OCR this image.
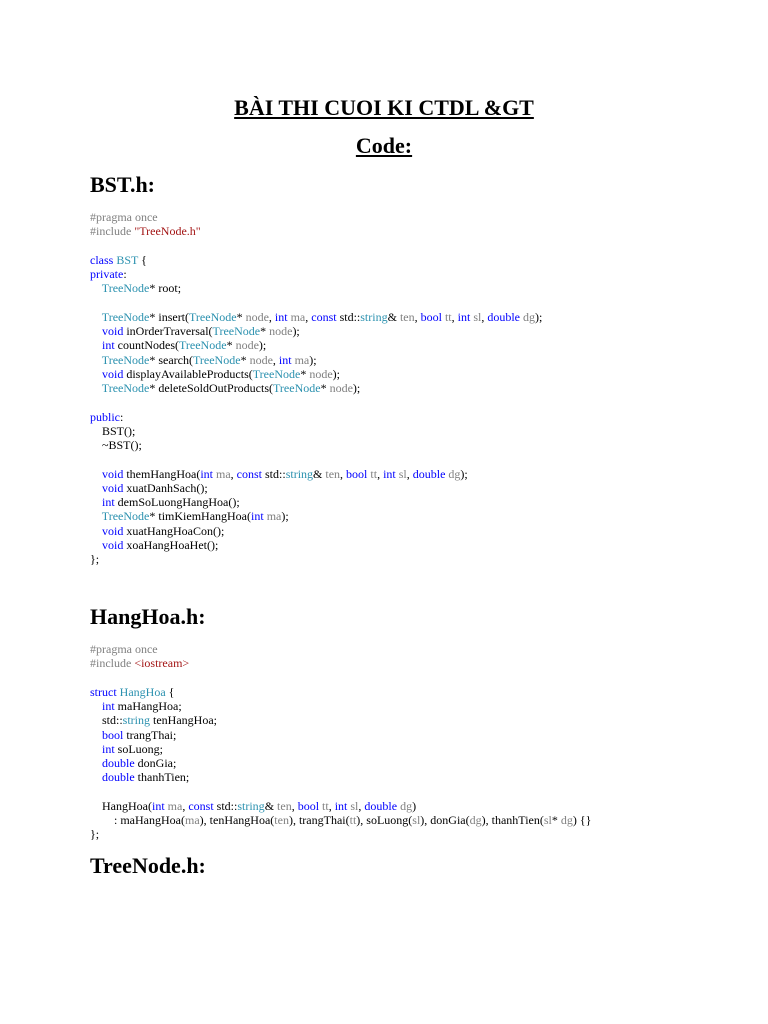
BÀI THI CUOI KI CTDL &GT
Code:
BST.h:
#pragma once
#include "TreeNode.h"

class BST {
private:
TreeNode* root;

TreeNode* insert(TreeNode* node, int ma, const std::string& ten, bool tt, int sl, double dg);
void inOrderTraversal(TreeNode* node);
int countNodes(TreeNode* node);
TreeNode* search(TreeNode* node, int ma);
void displayAvailableProducts(TreeNode* node);
TreeNode* deleteSoldOutProducts(TreeNode* node);

public:
BST();
~BST();

void themHangHoa(int ma, const std::string& ten, bool tt, int sl, double dg);
void xuatDanhSach();
int demSoLuongHangHoa();
TreeNode* timKiemHangHoa(int ma);
void xuatHangHoaCon();
void xoaHangHoaHet();
};
HangHoa.h:
#pragma once
#include <iostream>

struct HangHoa {
int maHangHoa;
std::string tenHangHoa;
bool trangThai;
int soLuong;
double donGia;
double thanhTien;

HangHoa(int ma, const std::string& ten, bool tt, int sl, double dg)
: maHangHoa(ma), tenHangHoa(ten), trangThai(tt), soLuong(sl), donGia(dg), thanhTien(sl* dg) {}
};
TreeNode.h:
